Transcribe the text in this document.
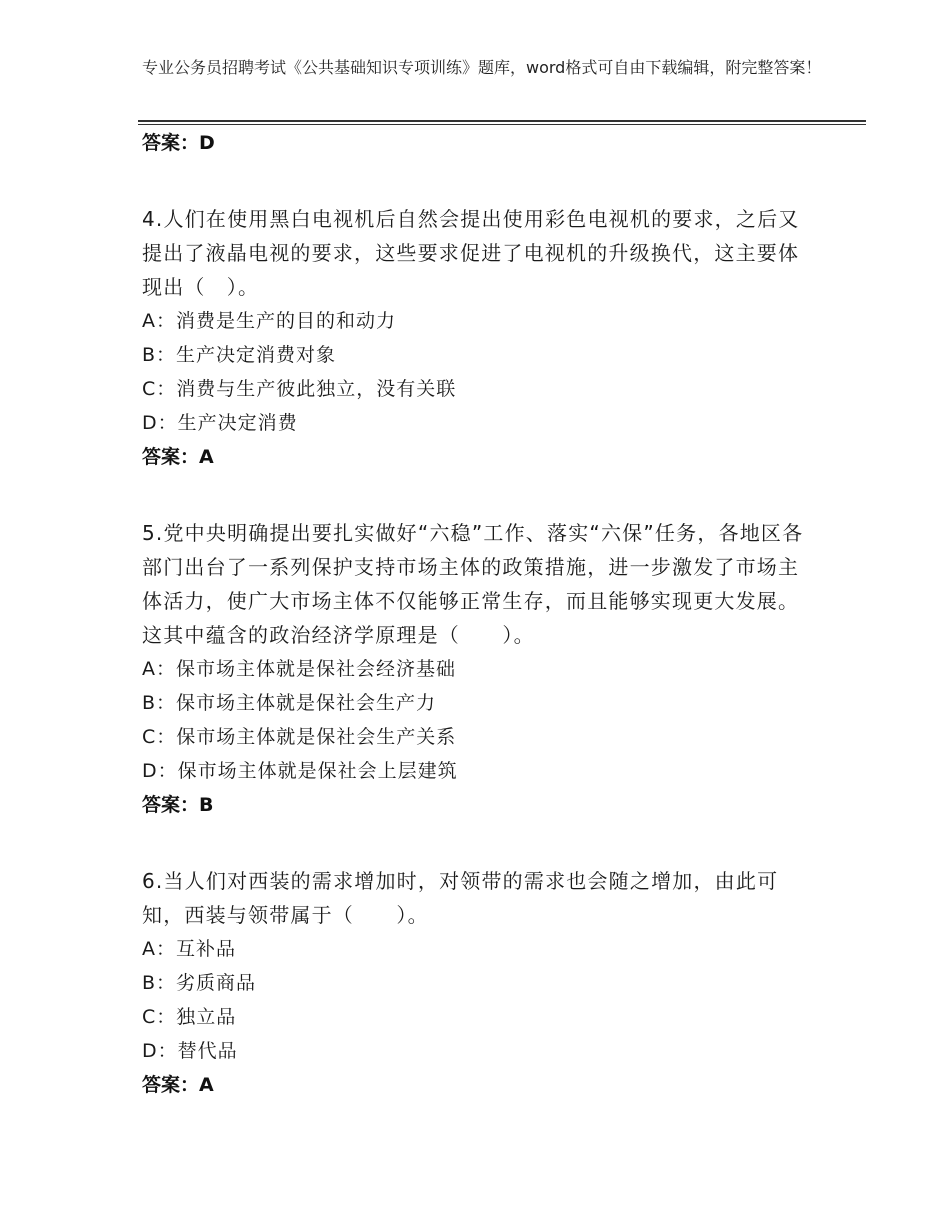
专业公务员招聘考试《公共基础知识专项训练》题库，word格式可自由下载编辑，附完整答案！

答案：D

4.人们在使用黑白电视机后自然会提出使用彩色电视机的要求，之后又提出了液晶电视的要求，这些要求促进了电视机的升级换代，这主要体现出（　）。

A：消费是生产的目的和动力

B：生产决定消费对象

C：消费与生产彼此独立，没有关联

D：生产决定消费

答案：A

5.党中央明确提出要扎实做好“六稳”工作、落实“六保”任务，各地区各部门出台了一系列保护支持市场主体的政策措施，进一步激发了市场主体活力，使广大市场主体不仅能够正常生存，而且能够实现更大发展。这其中蕴含的政治经济学原理是（　　）。

A：保市场主体就是保社会经济基础

B：保市场主体就是保社会生产力

C：保市场主体就是保社会生产关系

D：保市场主体就是保社会上层建筑

答案：B

6.当人们对西装的需求增加时，对领带的需求也会随之增加，由此可知，西装与领带属于（　　）。

A：互补品

B：劣质商品

C：独立品

D：替代品

答案：A
